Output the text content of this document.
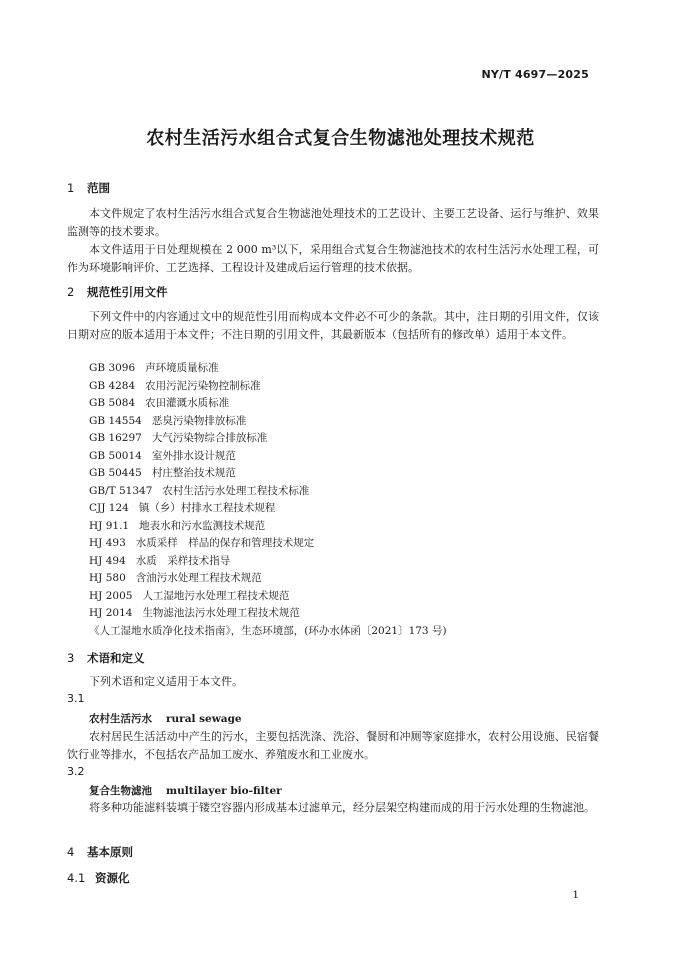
NY/T 4697—2025
农村生活污水组合式复合生物滤池处理技术规范
1 范围
本文件规定了农村生活污水组合式复合生物滤池处理技术的工艺设计、主要工艺设备、运行与维护、效果监测等的技术要求。
本文件适用于日处理规模在 2 000 m³以下，采用组合式复合生物滤池技术的农村生活污水处理工程，可作为环境影响评价、工艺选择、工程设计及建成后运行管理的技术依据。
2 规范性引用文件
下列文件中的内容通过文中的规范性引用而构成本文件必不可少的条款。其中，注日期的引用文件，仅该日期对应的版本适用于本文件；不注日期的引用文件，其最新版本（包括所有的修改单）适用于本文件。
GB 3096 声环境质量标准
GB 4284 农用污泥污染物控制标准
GB 5084 农田灌溉水质标准
GB 14554 恶臭污染物排放标准
GB 16297 大气污染物综合排放标准
GB 50014 室外排水设计规范
GB 50445 村庄整治技术规范
GB/T 51347 农村生活污水处理工程技术标准
CJJ 124 镇（乡）村排水工程技术规程
HJ 91.1 地表水和污水监测技术规范
HJ 493 水质采样　样品的保存和管理技术规定
HJ 494 水质　采样技术指导
HJ 580 含油污水处理工程技术规范
HJ 2005 人工湿地污水处理工程技术规范
HJ 2014 生物滤池法污水处理工程技术规范
《人工湿地水质净化技术指南》，生态环境部，(环办水体函〔2021〕173 号)
3 术语和定义
下列术语和定义适用于本文件。
3.1
农村生活污水 rural sewage
农村居民生活活动中产生的污水，主要包括洗涤、洗浴、餐厨和冲厕等家庭排水，农村公用设施、民宿餐饮行业等排水，不包括农产品加工废水、养殖废水和工业废水。
3.2
复合生物滤池 multilayer bio-filter
将多种功能滤料装填于镂空容器内形成基本过滤单元，经分层架空构建而成的用于污水处理的生物滤池。
4 基本原则
4.1 资源化
1
